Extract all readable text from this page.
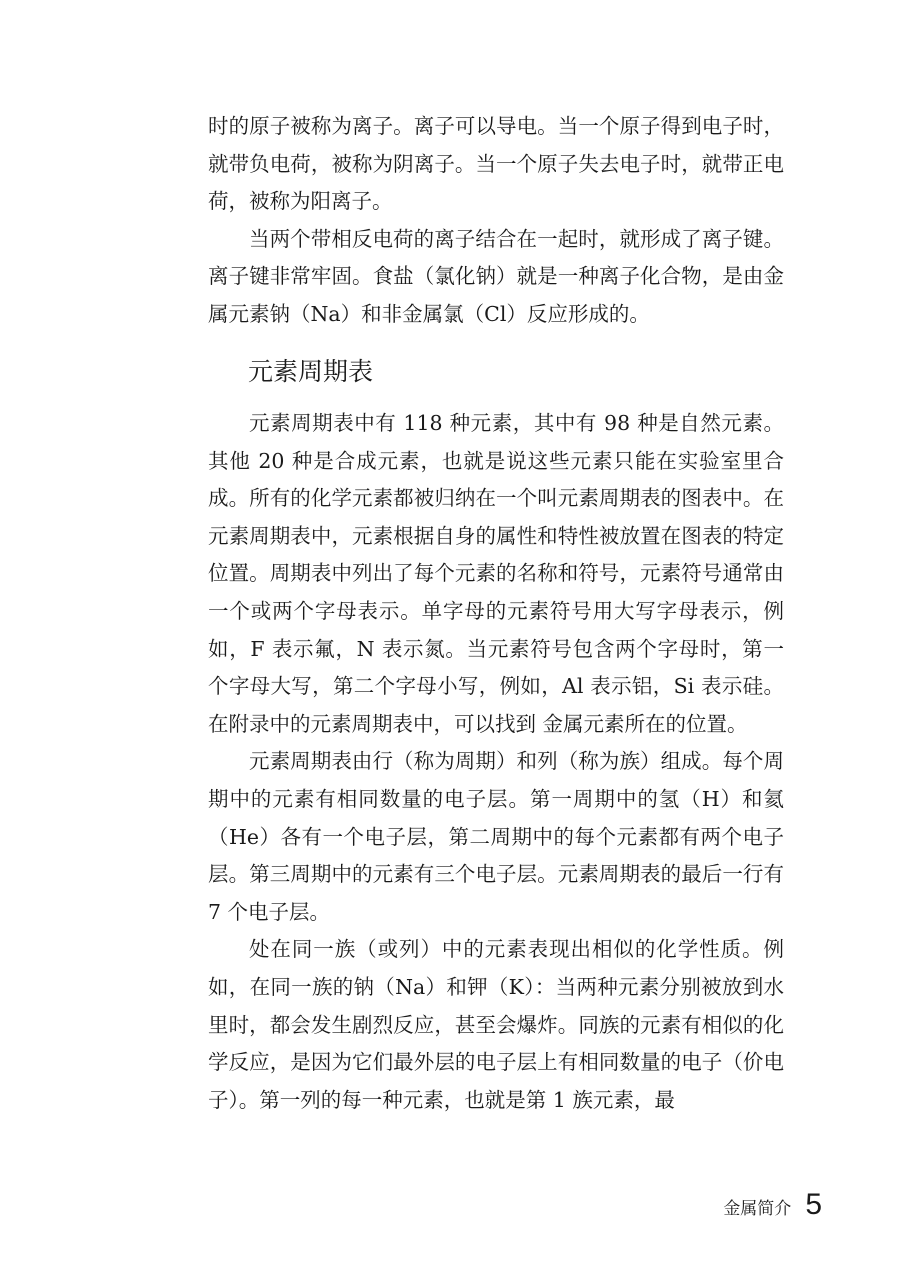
时的原子被称为离子。离子可以导电。当一个原子得到电子时，就带负电荷，被称为阴离子。当一个原子失去电子时，就带正电荷，被称为阳离子。

当两个带相反电荷的离子结合在一起时，就形成了离子键。离子键非常牢固。食盐（氯化钠）就是一种离子化合物，是由金属元素钠（Na）和非金属氯（Cl）反应形成的。

元素周期表

元素周期表中有 118 种元素，其中有 98 种是自然元素。其他 20 种是合成元素，也就是说这些元素只能在实验室里合成。所有的化学元素都被归纳在一个叫元素周期表的图表中。在元素周期表中，元素根据自身的属性和特性被放置在图表的特定位置。周期表中列出了每个元素的名称和符号，元素符号通常由一个或两个字母表示。单字母的元素符号用大写字母表示，例如，F 表示氟，N 表示氮。当元素符号包含两个字母时，第一个字母大写，第二个字母小写，例如，Al 表示铝，Si 表示硅。在附录中的元素周期表中，可以找到 金属元素所在的位置。

元素周期表由行（称为周期）和列（称为族）组成。每个周期中的元素有相同数量的电子层。第一周期中的氢（H）和氦（He）各有一个电子层，第二周期中的每个元素都有两个电子层。第三周期中的元素有三个电子层。元素周期表的最后一行有 7 个电子层。

处在同一族（或列）中的元素表现出相似的化学性质。例如，在同一族的钠（Na）和钾（K）：当两种元素分别被放到水里时，都会发生剧烈反应，甚至会爆炸。同族的元素有相似的化学反应，是因为它们最外层的电子层上有相同数量的电子（价电子）。第一列的每一种元素，也就是第 1 族元素，最

金属简介 5
